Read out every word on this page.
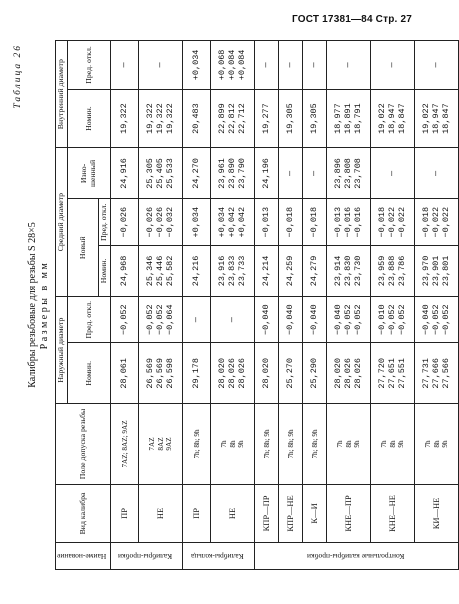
ГОСТ 17381—84 Стр. 27
Таблица 26
Калибры резьбовые для резьбы S 28×5 Размеры в мм
Наиме-нование	Вид калибра	Поле допуска резьбы	Наружный диаметр		Средний диаметр			Внутренний диаметр	
			Номин.	Пред. откл.	Новый		Изно-шенный	Номин.	Пред. откл.
					Номин.	Пред. откл.			
Калибры-пробки	ПР	7AZ; 8AZ; 9AZ	28,061	−0,052	24,968	−0,026	24,916	19,322	—

	НЕ	7AZ 8AZ 9AZ	26,569 26,569 26,598	−0,052 −0,052 −0,064	25,346 25,446 25,582	−0,026 −0,026 −0,032	25,305 25,405 25,533	19,322 19,322 19,322	—

Калибры-кольца	ПР	7h; 8h; 9h	29,178	—	24,216	+0,034	24,270	20,483	+0,034

	НЕ	7h 8h 9h	28,020 28,026 28,026	—	23,916 23,833 23,733	+0,034 +0,042 +0,042	23,961 23,890 23,790	22,899 22,812 22,712	+0,068 +0,084 +0,084

Контрольные калибры-пробки	КПР—ПР	7h; 8h; 9h	28,020	−0,040	24,214	−0,013	24,196	19,277	—

	КПР—НЕ	7h; 8h; 9h	25,270	−0,040	24,259	−0,018	—	19,305	—

	К—И	7h; 8h; 9h	25,290	−0,040	24,279	−0,018	—	19,305	—

	КНЕ—ПР	7h 8h 9h	28,020 28,026 28,026	−0,040 −0,052 −0,052	23,914 23,830 23,730	−0,013 −0,016 −0,016	23,896 23,808 23,708	18,977 18,891 18,791	—

	КНЕ—НЕ	7h 8h 9h	27,720 27,651 27,551	−0,010 −0,052 −0,052	23,959 23,888 23,786	−0,018 −0,022 −0,022	—	19,022 18,947 18,847	—

	КИ—НЕ	7h 8h 9h	27,731 27,666 27,566	−0,040 −0,052 −0,052	23,970 23,901 23,801	−0,018 −0,022 −0,022	—	19,022 18,947 18,847	—
